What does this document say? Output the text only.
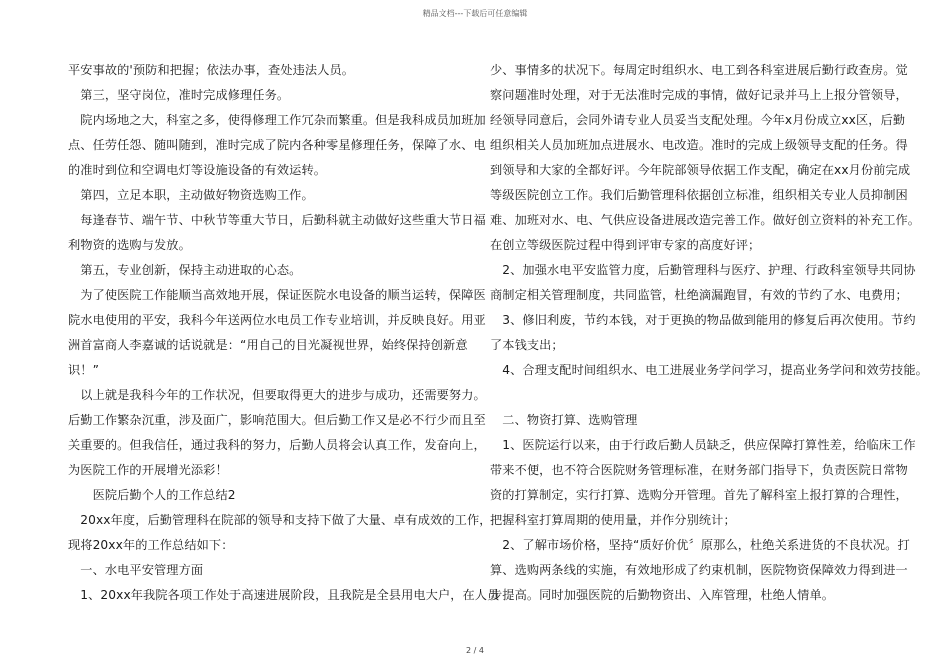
精品文档---下载后可任意编辑
平安事故的'预防和把握；依法办事，查处违法人员。
　第三，坚守岗位，准时完成修理任务。
　院内场地之大，科室之多，使得修理工作冗杂而繁重。但是我科成员加班加
点、任劳任怨、随叫随到，准时完成了院内各种零星修理任务，保障了水、电
的准时到位和空调电灯等设施设备的有效运转。
　第四，立足本职，主动做好物资选购工作。
　每逢春节、端午节、中秋节等重大节日，后勤科就主动做好这些重大节日福
利物资的选购与发放。
　第五，专业创新，保持主动进取的心态。
　为了使医院工作能顺当高效地开展，保证医院水电设备的顺当运转，保障医
院水电使用的平安，我科今年送两位水电员工作专业培训，并反映良好。用亚
洲首富商人李嘉诚的话说就是：“用自己的目光凝视世界，始终保持创新意
识！”
　以上就是我科今年的工作状况，但要取得更大的进步与成功，还需要努力。
后勤工作繁杂沉重，涉及面广，影响范围大。但后勤工作又是必不行少而且至
关重要的。但我信任，通过我科的努力，后勤人员将会认真工作，发奋向上，
为医院工作的开展增光添彩！
　　医院后勤个人的工作总结2
　20xx年度，后勤管理科在院部的领导和支持下做了大量、卓有成效的工作，
现将20xx年的工作总结如下：
　一、水电平安管理方面
　1、20xx年我院各项工作处于高速进展阶段，且我院是全县用电大户，在人员
少、事情多的状况下。每周定时组织水、电工到各科室进展后勤行政查房。觉
察问题准时处理，对于无法准时完成的事情，做好记录并马上上报分管领导，
经领导同意后，会同外请专业人员妥当支配处理。今年x月份成立xx区，后勤
组织相关人员加班加点进展水、电改造。准时的完成上级领导支配的任务。得
到领导和大家的全都好评。今年院部领导依据工作支配，确定在xx月份前完成
等级医院创立工作。我们后勤管理科依据创立标准，组织相关专业人员抑制困
难、加班对水、电、气供应设备进展改造完善工作。做好创立资料的补充工作。
在创立等级医院过程中得到评审专家的高度好评；
　2、加强水电平安监管力度，后勤管理科与医疗、护理、行政科室领导共同协
商制定相关管理制度，共同监管，杜绝滴漏跑冒，有效的节约了水、电费用；
　3、修旧利废，节约本钱，对于更换的物品做到能用的修复后再次使用。节约
了本钱支出；
　4、合理支配时间组织水、电工进展业务学问学习，提高业务学问和效劳技能。
　二、物资打算、选购管理
　1、医院运行以来，由于行政后勤人员缺乏，供应保障打算性差，给临床工作
带来不便，也不符合医院财务管理标准，在财务部门指导下，负责医院日常物
资的打算制定，实行打算、选购分开管理。首先了解科室上报打算的合理性，
把握科室打算周期的使用量，并作分别统计；
　2、了解市场价格，坚持“质好价优〞原那么，杜绝关系进货的不良状况。打
算、选购两条线的实施，有效地形成了约束机制，医院物资保障效力得到进一
步提高。同时加强医院的后勤物资出、入库管理，杜绝人情单。
2 / 4
